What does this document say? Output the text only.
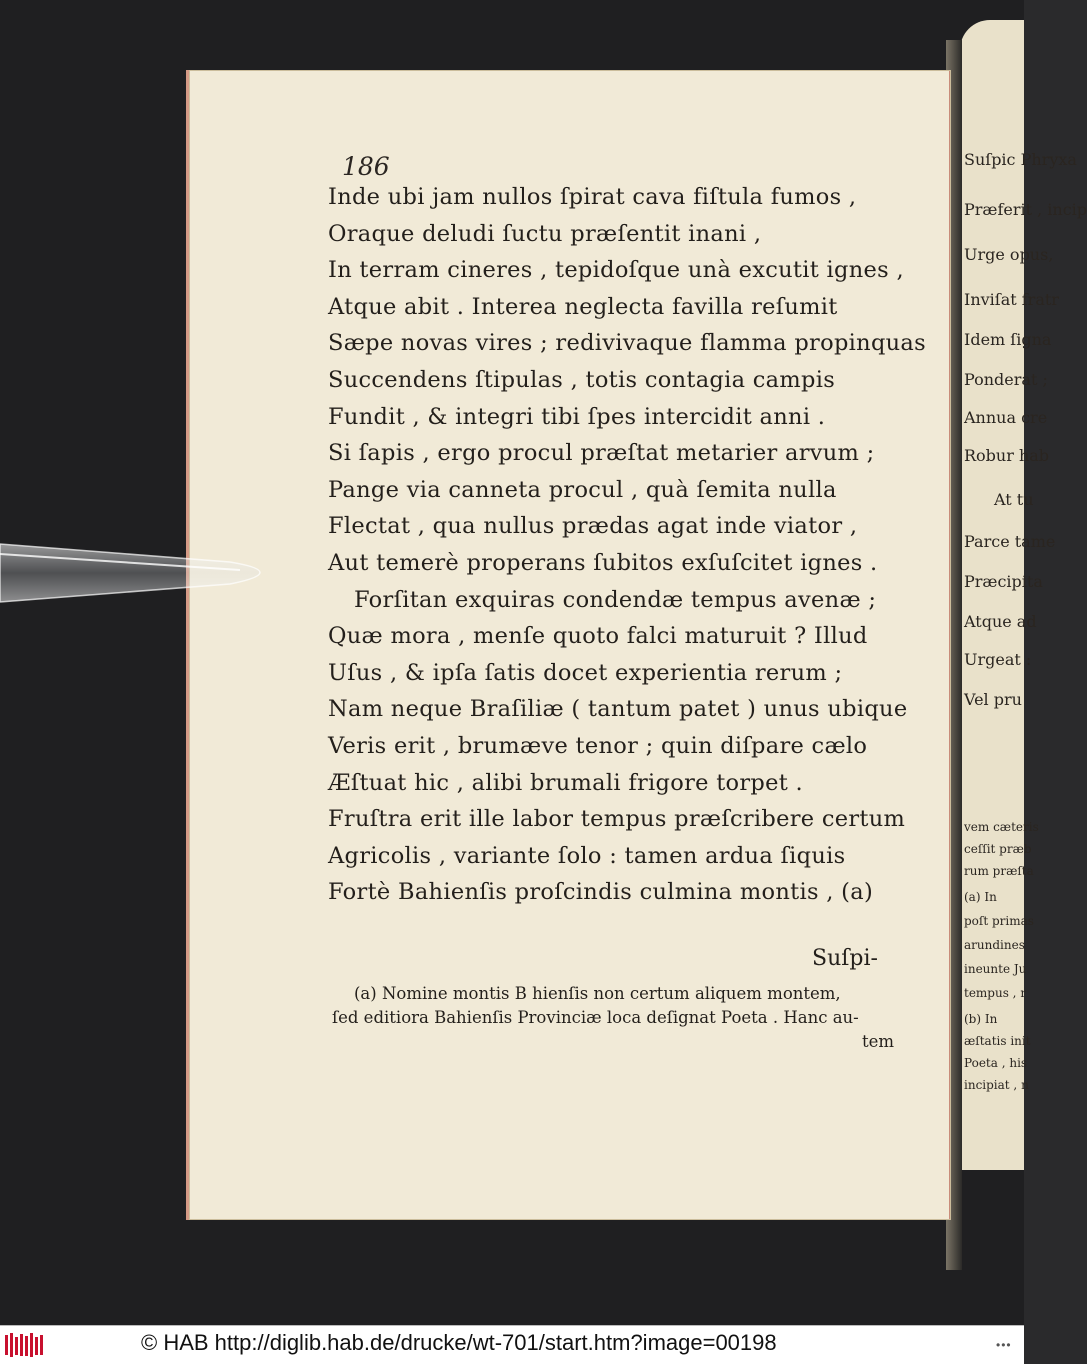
Suſpic Phryxa
Præferit , incip
Urge opus,
Inviſat fratr
Idem ſigna
Ponderat ;
Annua cre
Robur hab
At tu
Parce tame
Præcipita
Atque ad
Urgeat :
Vel pru
vem cæteris
ceſſit præb
rum præſta
(a) In
poſt primas
arundines
ineunte Ju
tempus , r
(b) In
æſtatis init
Poeta , his
incipiat , n
186
Inde ubi jam nullos ſpirat cava fiſtula fumos ,
Oraque deludi ſuctu præſentit inani ,
In terram cineres , tepidoſque unà excutit ignes ,
Atque abit . Interea neglecta favilla reſumit
Sæpe novas vires ; redivivaque flamma propinquas
Succendens ſtipulas , totis contagia campis
Fundit , & integri tibi ſpes intercidit anni .
Si ſapis , ergo procul præſtat metarier arvum ;
Pange via canneta procul , quà ſemita nulla
Flectat , qua nullus prædas agat inde viator ,
Aut temerè properans ſubitos exſuſcitet ignes .
Forſitan exquiras condendæ tempus avenæ ;
Quæ mora , menſe quoto falci maturuit ? Illud
Uſus , & ipſa ſatis docet experientia rerum ;
Nam neque Braſiliæ ( tantum patet ) unus ubique
Veris erit , brumæve tenor ; quin diſpare cælo
Æſtuat hic , alibi brumali frigore torpet .
Fruſtra erit ille labor tempus præſcribere certum
Agricolis , variante ſolo : tamen ardua ſiquis
Fortè Bahienſis proſcindis culmina montis , (a)
Suſpi-
(a) Nomine montis B hienſis non certum aliquem montem,
ſed editiora Bahienſis Provinciæ loca deſignat Poeta . Hanc au-
tem
© HAB http://diglib.hab.de/drucke/wt-701/start.htm?image=00198	•••
